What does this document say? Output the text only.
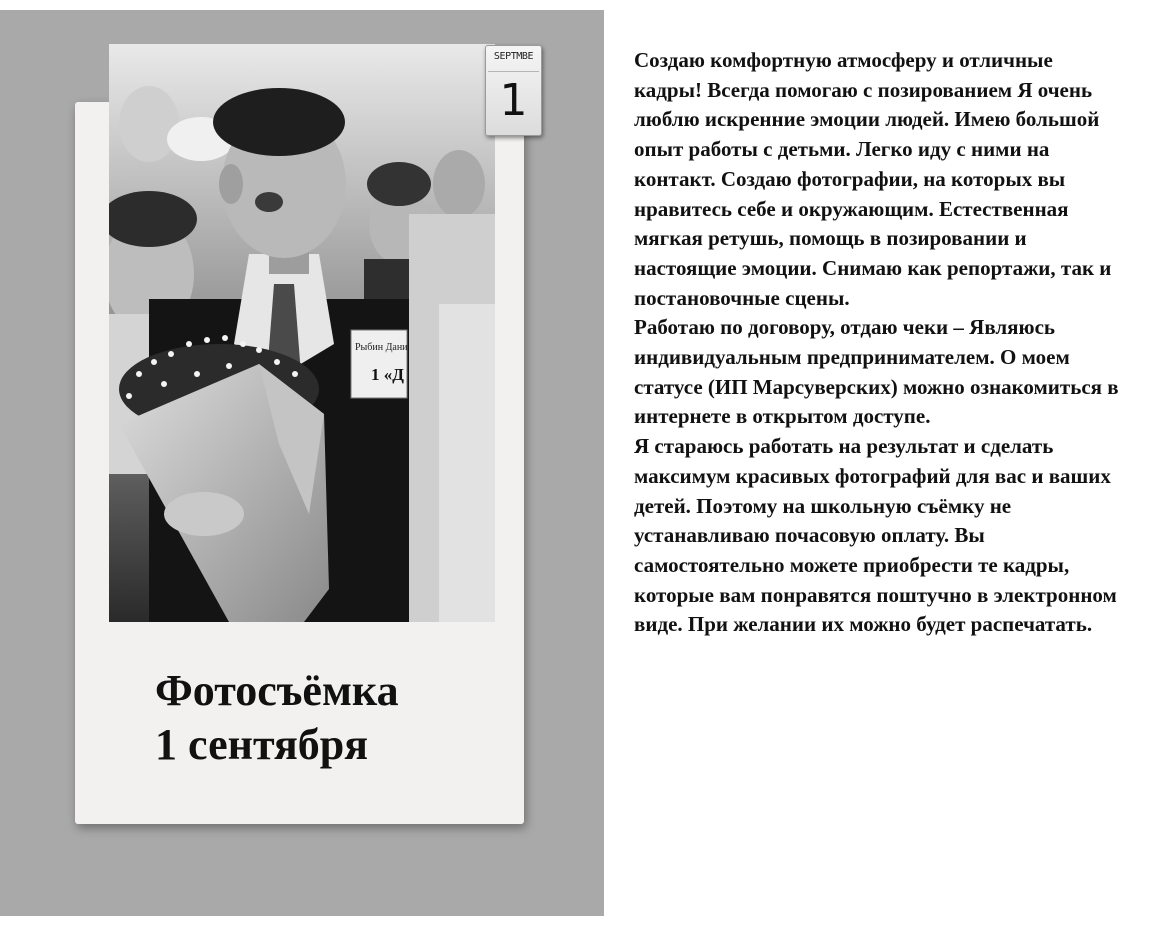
Рыбин Дани
1 «Д
SEPTMBE
1
Фотосъёмка
1 сентября

Создаю комфортную атмосферу и отличные кадры! Всегда помогаю с позированием Я очень люблю искренние эмоции людей. Имею большой опыт работы с детьми. Легко иду с ними на контакт. Создаю фотографии, на которых вы нравитесь себе и окружающим. Естественная мягкая ретушь, помощь в позировании и настоящие эмоции. Снимаю как репортажи, так и постановочные сцены.

Работаю по договору, отдаю чеки – Являюсь индивидуальным предпринимателем. О моем статусе (ИП Марсуверских) можно ознакомиться в интернете в открытом доступе.

Я стараюсь работать на результат и сделать максимум красивых фотографий для вас и ваших детей. Поэтому на школьную съёмку не устанавливаю почасовую оплату. Вы самостоятельно можете приобрести те кадры, которые вам понравятся поштучно в электронном виде. При желании их можно будет распечатать.
